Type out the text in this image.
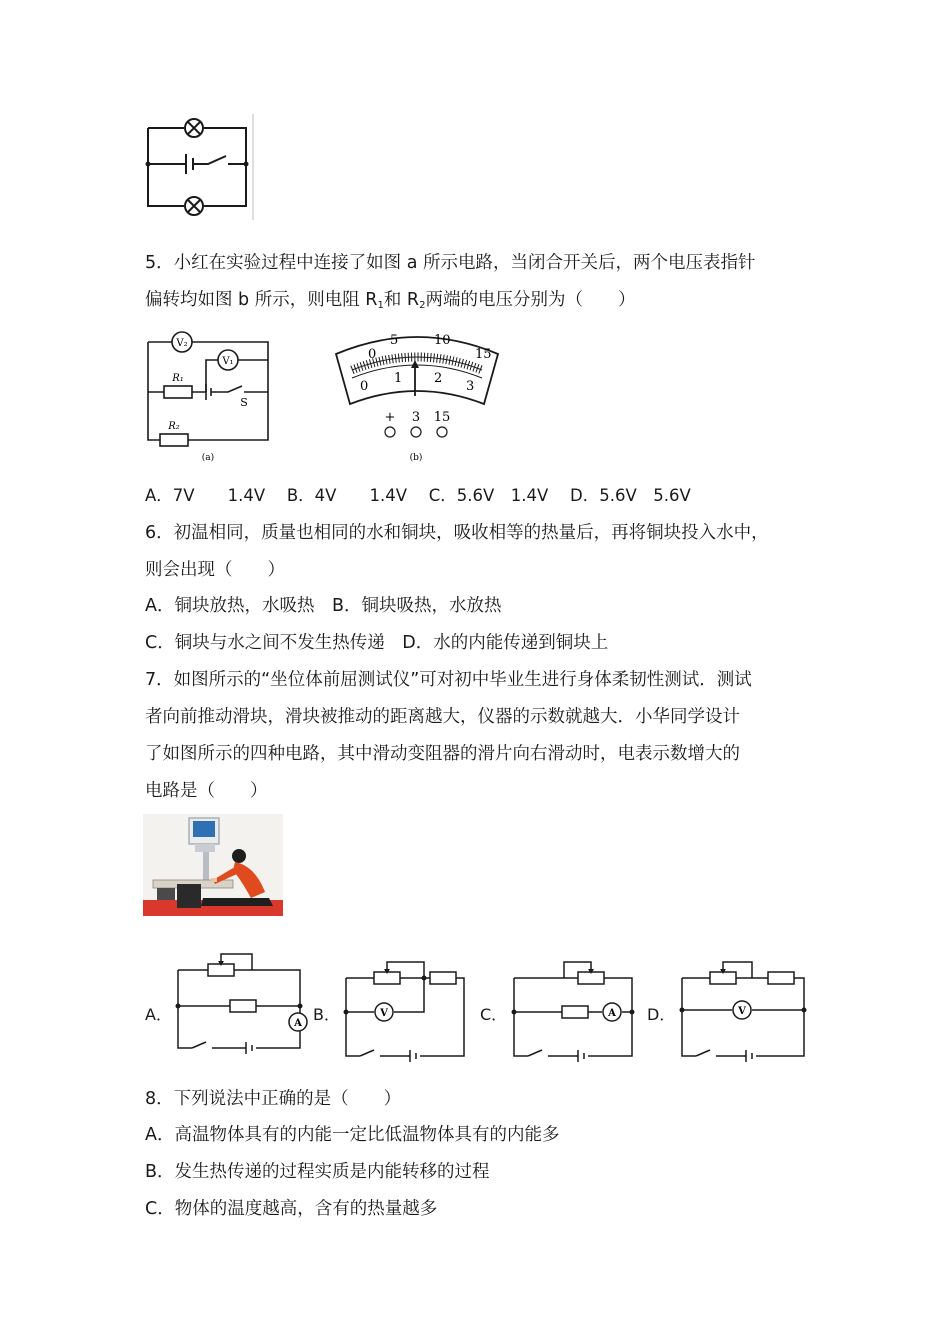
5．小红在实验过程中连接了如图 a 所示电路，当闭合开关后，两个电压表指针
偏转均如图 b 所示，则电阻 $R_1$和 $R_2$两端的电压分别为（　　）
V₂
V₁
R₁
R₂
S
(a)
0
5	10
15
0
1 2
3
+ 3 15
(b)
A．7V　　1.4V　 B．4V　　1.4V　 C．5.6V　1.4V　 D．5.6V　5.6V
6．初温相同，质量也相同的水和铜块，吸收相等的热量后，再将铜块投入水中，
则会出现（　　）
A．铜块放热，水吸热　B．铜块吸热，水放热
C．铜块与水之间不发生热传递　D．水的内能传递到铜块上
7．如图所示的“坐位体前屈测试仪”可对初中毕业生进行身体柔韧性测试．测试
者向前推动滑块，滑块被推动的距离越大，仪器的示数就越大．小华同学设计
了如图所示的四种电路，其中滑动变阻器的滑片向右滑动时，电表示数增大的
电路是（　　）
A．	A B．	V	C．	A D．	V
8．下列说法中正确的是（　　）
A．高温物体具有的内能一定比低温物体具有的内能多
B．发生热传递的过程实质是内能转移的过程
C．物体的温度越高，含有的热量越多
